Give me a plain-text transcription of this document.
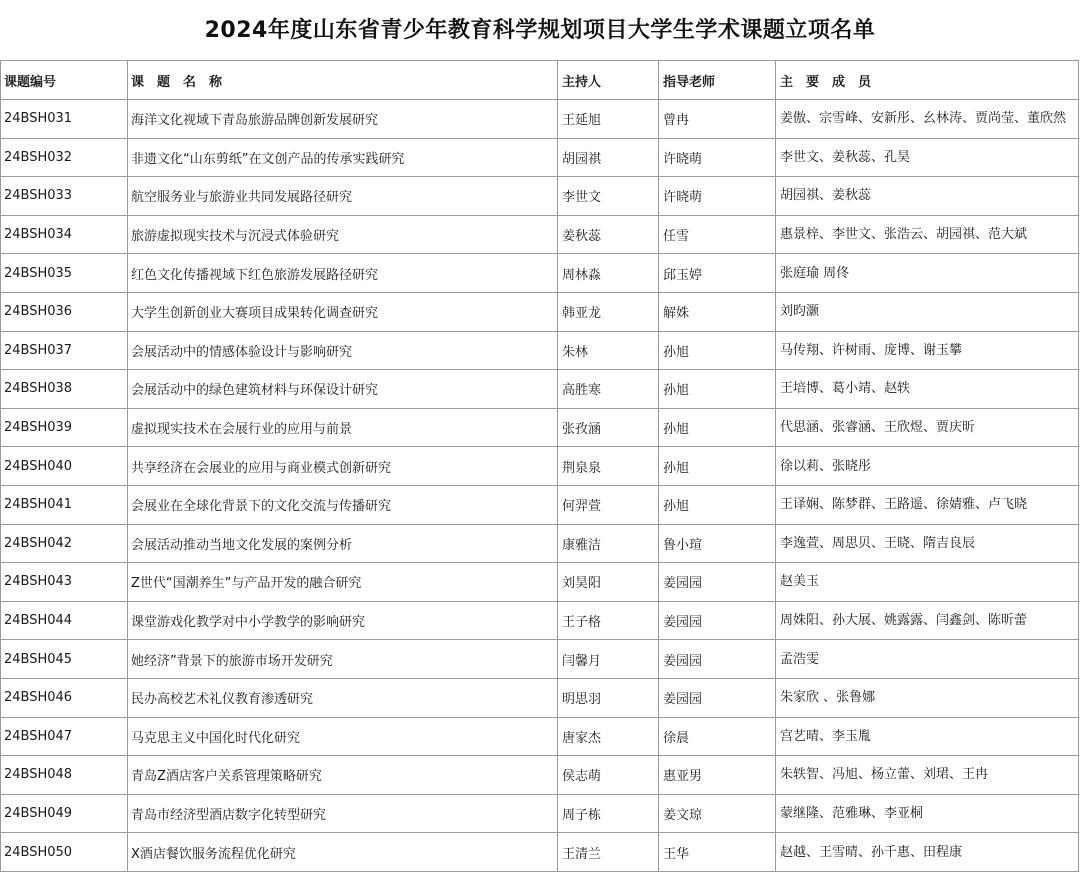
2024年度山东省青少年教育科学规划项目大学生学术课题立项名单
课题编号	课　题　名　称	主持人	指导老师	主　要　成　员
24BSH031	海洋文化视域下青岛旅游品牌创新发展研究	王延旭	曾冉	姜傲、宗雪峰、安新彤、幺林涛、贾尚莹、董欣然
24BSH032	非遗文化“山东剪纸”在文创产品的传承实践研究	胡园祺	许晓萌	李世文、姜秋蕊、孔昊
24BSH033	航空服务业与旅游业共同发展路径研究	李世文	许晓萌	胡园祺、姜秋蕊
24BSH034	旅游虚拟现实技术与沉浸式体验研究	姜秋蕊	任雪	惠景梓、李世文、张浩云、胡园祺、范大斌
24BSH035	红色文化传播视域下红色旅游发展路径研究	周林淼	邱玉婷	张庭瑜 周佟
24BSH036	大学生创新创业大赛项目成果转化调查研究	韩亚龙	解姝	刘昀灏
24BSH037	会展活动中的情感体验设计与影响研究	朱林	孙旭	马传翔、许树雨、庞博、谢玉攀
24BSH038	会展活动中的绿色建筑材料与环保设计研究	高胜寒	孙旭	王培博、葛小靖、赵轶
24BSH039	虚拟现实技术在会展行业的应用与前景	张孜涵	孙旭	代思涵、张睿涵、王欣煜、贾庆昕
24BSH040	共享经济在会展业的应用与商业模式创新研究	荆泉泉	孙旭	徐以莉、张晓彤
24BSH041	会展业在全球化背景下的文化交流与传播研究	何羿萱	孙旭	王译娴、陈梦群、王路遥、徐婧雅、卢飞晓
24BSH042	会展活动推动当地文化发展的案例分析	康雅洁	鲁小瑄	李逸萱、周思贝、王晓、隋吉良辰
24BSH043	Z世代“国潮养生”与产品开发的融合研究	刘昊阳	姜园园	赵美玉
24BSH044	课堂游戏化教学对中小学教学的影响研究	王子格	姜园园	周姝阳、孙大展、姚露露、闫鑫剑、陈昕蕾
24BSH045	她经济”背景下的旅游市场开发研究	闫馨月	姜园园	孟浩雯
24BSH046	民办高校艺术礼仪教育渗透研究	明思羽	姜园园	朱家欣 、张鲁娜
24BSH047	马克思主义中国化时代化研究	唐家杰	徐晨	宫艺晴、李玉胤
24BSH048	青岛Z酒店客户关系管理策略研究	侯志萌	惠亚男	朱轶智、冯旭、杨立蕾、刘珺、王冉
24BSH049	青岛市经济型酒店数字化转型研究	周子栋	姜文琼	蒙继隆、范雅琳、李亚桐
24BSH050	X酒店餐饮服务流程优化研究	王清兰	王华	赵越、王雪晴、孙千惠、田程康
